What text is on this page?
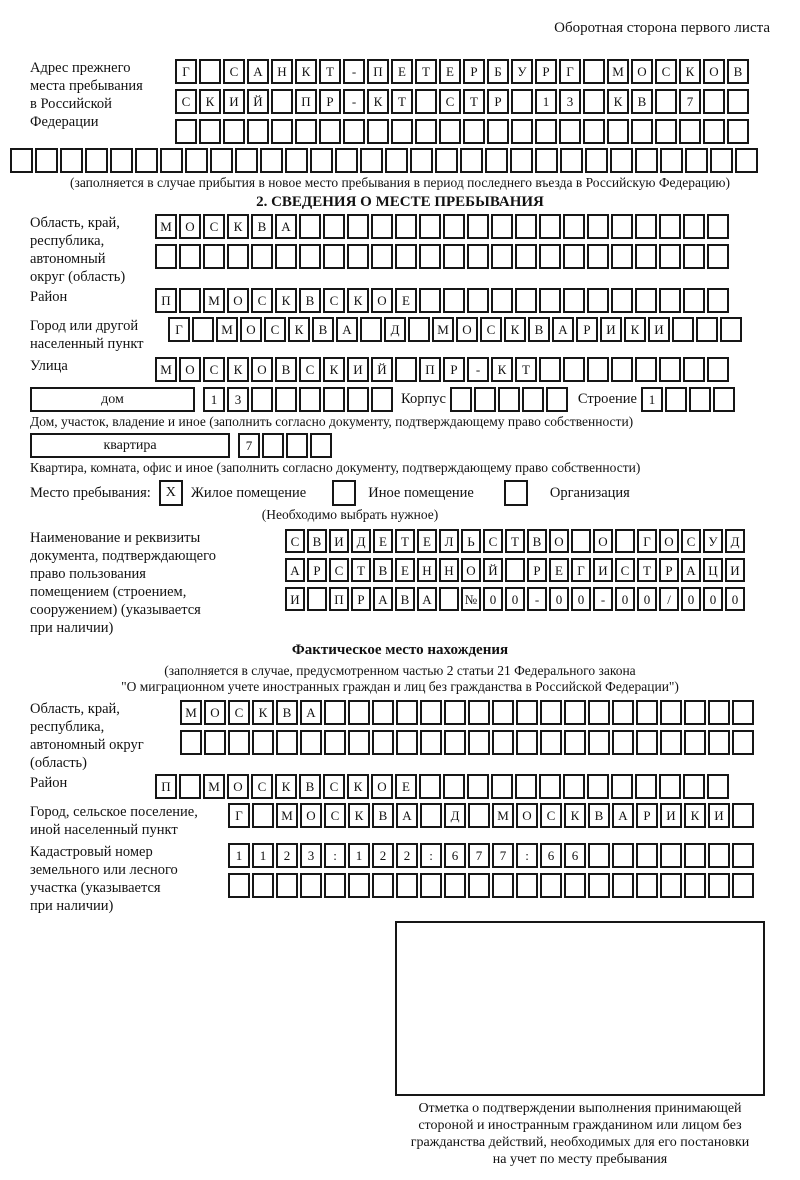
Оборотная сторона первого листа
Адрес прежнего
места пребывания
в Российской
Федерации
Г	С	А	Н	К	Т	-	П	Е	Т	Е	Р	Б	У	Р	Г	М	О	С	К	О	В
С	К	И	Й	П	Р	-	К	Т	С	Т	Р	1	3	К	В	7
(заполняется в случае прибытия в новое место пребывания в период последнего въезда в Российскую Федерацию)
2. СВЕДЕНИЯ О МЕСТЕ ПРЕБЫВАНИЯ
Область, край,
республика,
автономный
округ (область)
М	О	С	К	В	А
Район	П	М	О	С	К	В	С	К	О	Е
Город или другой
населенный пункт
Г	М	О	С	К	В	А	Д	М	О	С	К	В	А	Р	И	К	И
Улица	М	О	С	К	О	В	С	К	И	Й	П	Р	-	К	Т
дом	1	3	Корпус	Строение 1
Дом, участок, владение и иное (заполнить согласно документу, подтверждающему право собственности)
квартира	7
Квартира, комната, офис и иное (заполнить согласно документу, подтверждающему право собственности)
Место пребывания:	X	Жилое помещение	Иное помещение	Организация
(Необходимо выбрать нужное)
Наименование и реквизиты
документа, подтверждающего
право пользования
помещением (строением,
сооружением) (указывается
при наличии)
С	В И Д	Е	Т	Е	Л	Ь	С	Т	В О	О	Г	О С	У Д
А	Р	С	Т	В	Е	Н Н О Й	Р	Е	Г	И С	Т	Р	А Ц И
И	П	Р	А В А	№ 0	0	-	0	0	-	0	0	/	0	0	0
Фактическое место нахождения
(заполняется в случае, предусмотренном частью 2 статьи 21 Федерального закона
"О миграционном учете иностранных граждан и лиц без гражданства в Российской Федерации")
Область, край,
республика,
автономный округ
(область)
М	О	С	К	В	А
Район	П	М	О	С	К	В	С	К	О	Е
Город, сельское поселение,
иной населенный пункт
Г	М	О	С	К	В	А	Д	М	О	С	К	В	А	Р	И	К	И
Кадастровый номер
земельного или лесного
участка (указывается
при наличии)
1	1	2	3	:	1	2	2	:	6	7	7	:	6	6
Отметка о подтверждении выполнения принимающей
стороной и иностранным гражданином или лицом без
гражданства действий, необходимых для его постановки
на учет по месту пребывания
